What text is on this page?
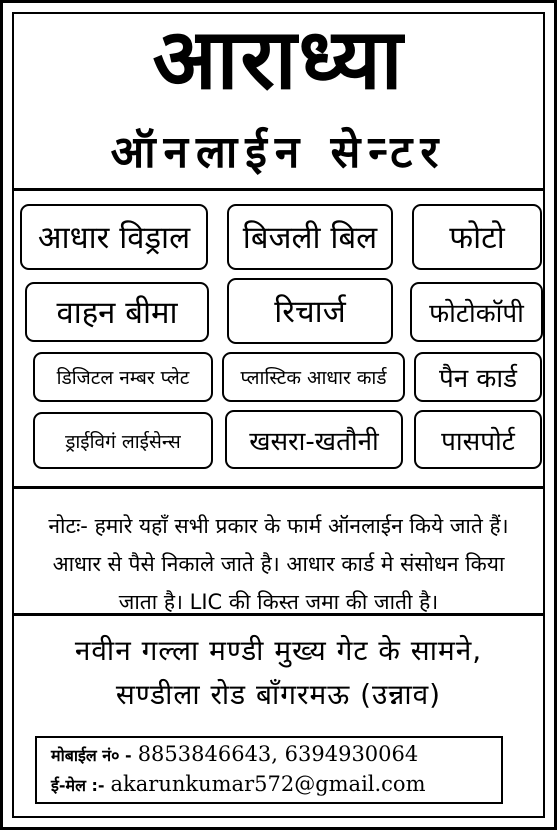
आराध्या
ऑनलाईन सेन्टर
आधार विड्राल	बिजली बिल	फोटो
वाहन बीमा	रिचार्ज	फोटोकॉपी
डिजिटल नम्बर प्लेट	प्लास्टिक आधार कार्ड	पैन कार्ड
ड्राईविगं लाईसेन्स	खसरा-खतौनी	पासपोर्ट
नोटः- हमारे यहाँ सभी प्रकार के फार्म ऑनलाईन किये जाते हैं।
आधार से पैसे निकाले जाते है। आधार कार्ड मे संसोधन किया
जाता है। LIC की किस्त जमा की जाती है।
नवीन गल्ला मण्डी मुख्य गेट के सामने,
सण्डीला रोड बाँगरमऊ (उन्नाव)
मोबाईल नं० - 8853846643, 6394930064
ई-मेल :- akarunkumar572@gmail.com
